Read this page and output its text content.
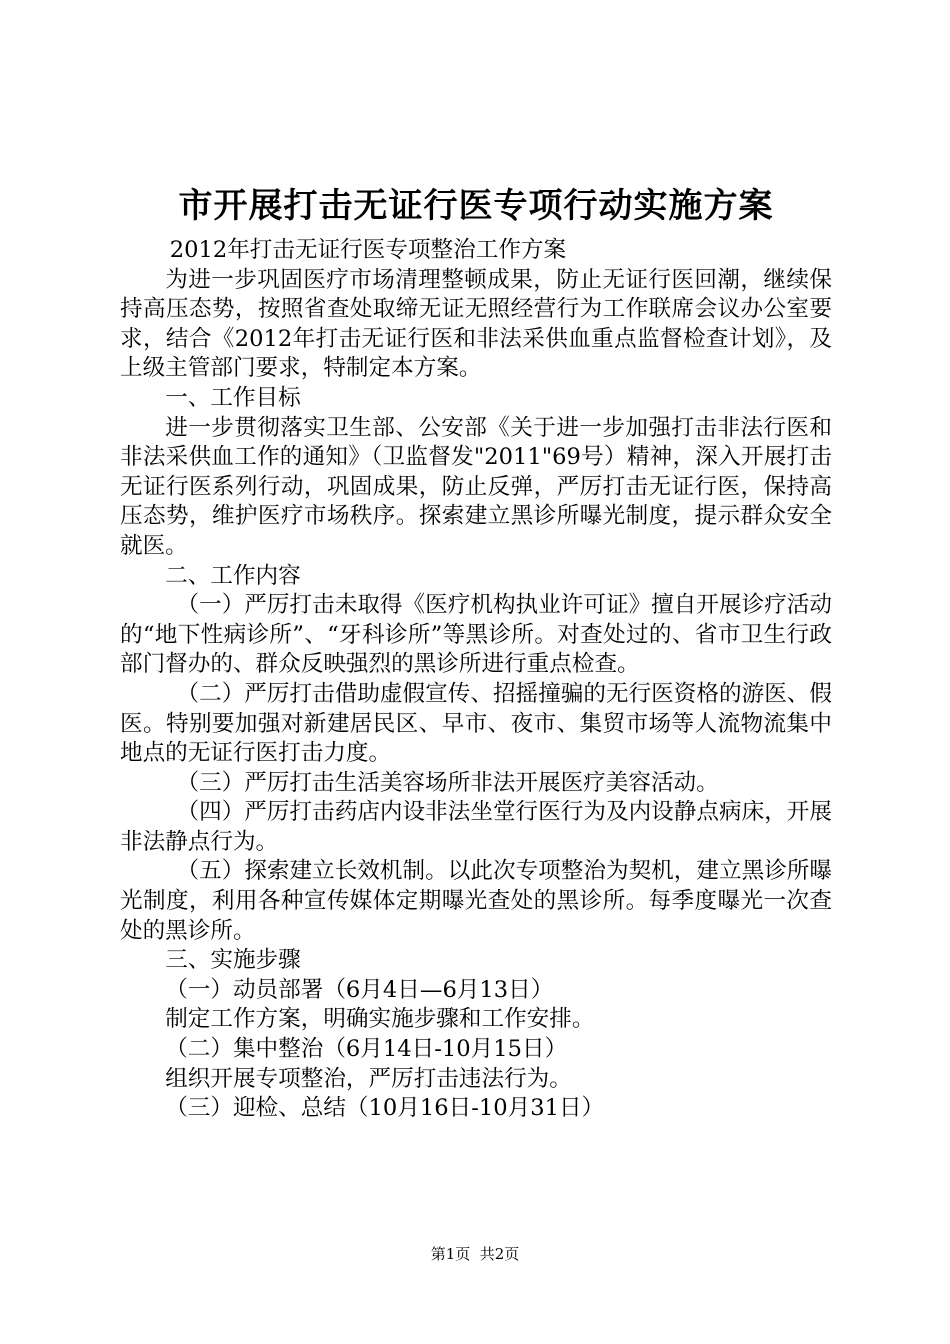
市开展打击无证行医专项行动实施方案

2012年打击无证行医专项整治工作方案

为进一步巩固医疗市场清理整顿成果，防止无证行医回潮，继续保持高压态势，按照省查处取缔无证无照经营行为工作联席会议办公室要求，结合《2012年打击无证行医和非法采供血重点监督检查计划》，及上级主管部门要求，特制定本方案。

一、工作目标

进一步贯彻落实卫生部、公安部《关于进一步加强打击非法行医和非法采供血工作的通知》（卫监督发"2011"69号）精神，深入开展打击无证行医系列行动，巩固成果，防止反弹，严厉打击无证行医，保持高压态势，维护医疗市场秩序。探索建立黑诊所曝光制度，提示群众安全就医。

二、工作内容

（一）严厉打击未取得《医疗机构执业许可证》擅自开展诊疗活动的“地下性病诊所”、“牙科诊所”等黑诊所。对查处过的、省市卫生行政部门督办的、群众反映强烈的黑诊所进行重点检查。

（二）严厉打击借助虚假宣传、招摇撞骗的无行医资格的游医、假医。特别要加强对新建居民区、早市、夜市、集贸市场等人流物流集中地点的无证行医打击力度。

（三）严厉打击生活美容场所非法开展医疗美容活动。

（四）严厉打击药店内设非法坐堂行医行为及内设静点病床，开展非法静点行为。

（五）探索建立长效机制。以此次专项整治为契机，建立黑诊所曝光制度，利用各种宣传媒体定期曝光查处的黑诊所。每季度曝光一次查处的黑诊所。

三、实施步骤

（一）动员部署（6月4日—6月13日）

制定工作方案，明确实施步骤和工作安排。

（二）集中整治（6月14日-10月15日）

组织开展专项整治，严厉打击违法行为。

（三）迎检、总结（10月16日-10月31日）

第1页  共2页
